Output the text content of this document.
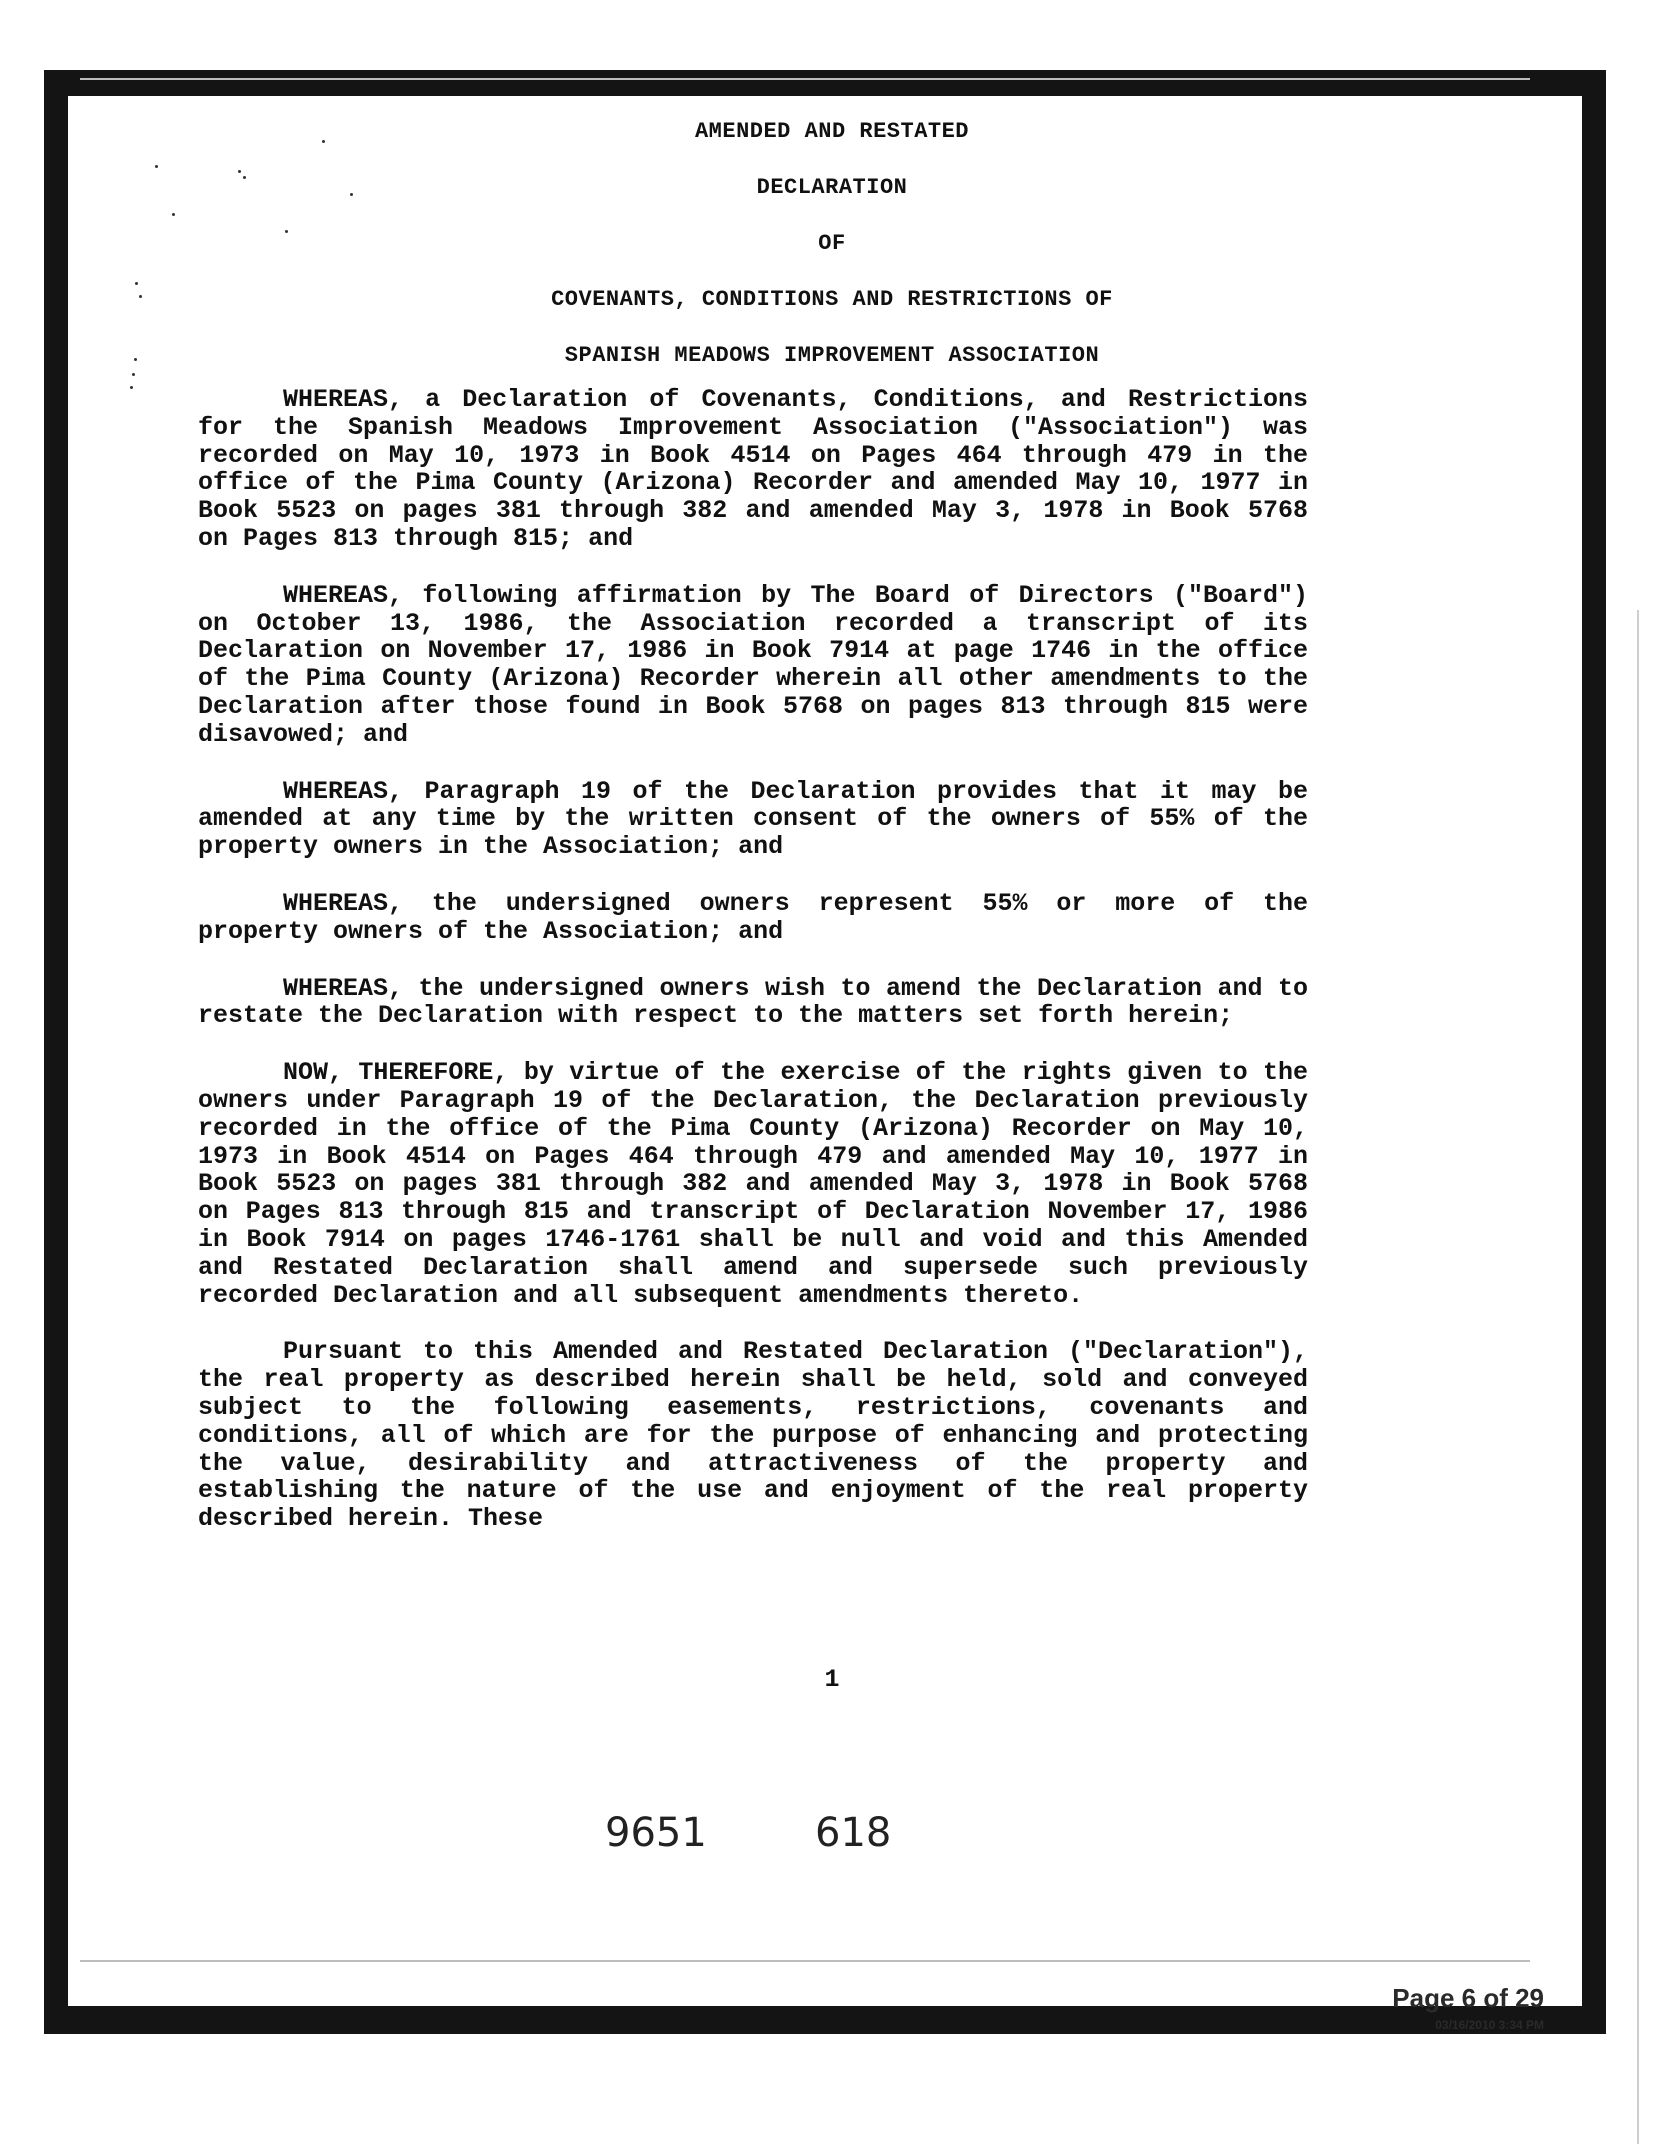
AMENDED AND RESTATED
DECLARATION
OF
COVENANTS, CONDITIONS AND RESTRICTIONS OF
SPANISH MEADOWS IMPROVEMENT ASSOCIATION

WHEREAS, a Declaration of Covenants, Conditions, and Restrictions for the Spanish Meadows Improvement Association ("Association") was recorded on May 10, 1973 in Book 4514 on Pages 464 through 479 in the office of the Pima County (Arizona) Recorder and amended May 10, 1977 in Book 5523 on pages 381 through 382 and amended May 3, 1978 in Book 5768 on Pages 813 through 815; and

WHEREAS, following affirmation by The Board of Directors ("Board") on October 13, 1986, the Association recorded a transcript of its Declaration on November 17, 1986 in Book 7914 at page 1746 in the office of the Pima County (Arizona) Recorder wherein all other amendments to the Declaration after those found in Book 5768 on pages 813 through 815 were disavowed; and

WHEREAS, Paragraph 19 of the Declaration provides that it may be amended at any time by the written consent of the owners of 55% of the property owners in the Association; and

WHEREAS, the undersigned owners represent 55% or more of the property owners of the Association; and

WHEREAS, the undersigned owners wish to amend the Declaration and to restate the Declaration with respect to the matters set forth herein;

NOW, THEREFORE, by virtue of the exercise of the rights given to the owners under Paragraph 19 of the Declaration, the Declaration previously recorded in the office of the Pima County (Arizona) Recorder on May 10, 1973 in Book 4514 on Pages 464 through 479 and amended May 10, 1977 in Book 5523 on pages 381 through 382 and amended May 3, 1978 in Book 5768 on Pages 813 through 815 and transcript of Declaration November 17, 1986 in Book 7914 on pages 1746-1761 shall be null and void and this Amended and Restated Declaration shall amend and supersede such previously recorded Declaration and all subsequent amendments thereto.

Pursuant to this Amended and Restated Declaration ("Declaration"), the real property as described herein shall be held, sold and conveyed subject to the following easements, restrictions, covenants and conditions, all of which are for the purpose of enhancing and protecting the value, desirability and attractiveness of the property and establishing the nature of the use and enjoyment of the real property described herein. These

1
9651	618
Page 6 of 29
03/16/2010 3:34 PM
